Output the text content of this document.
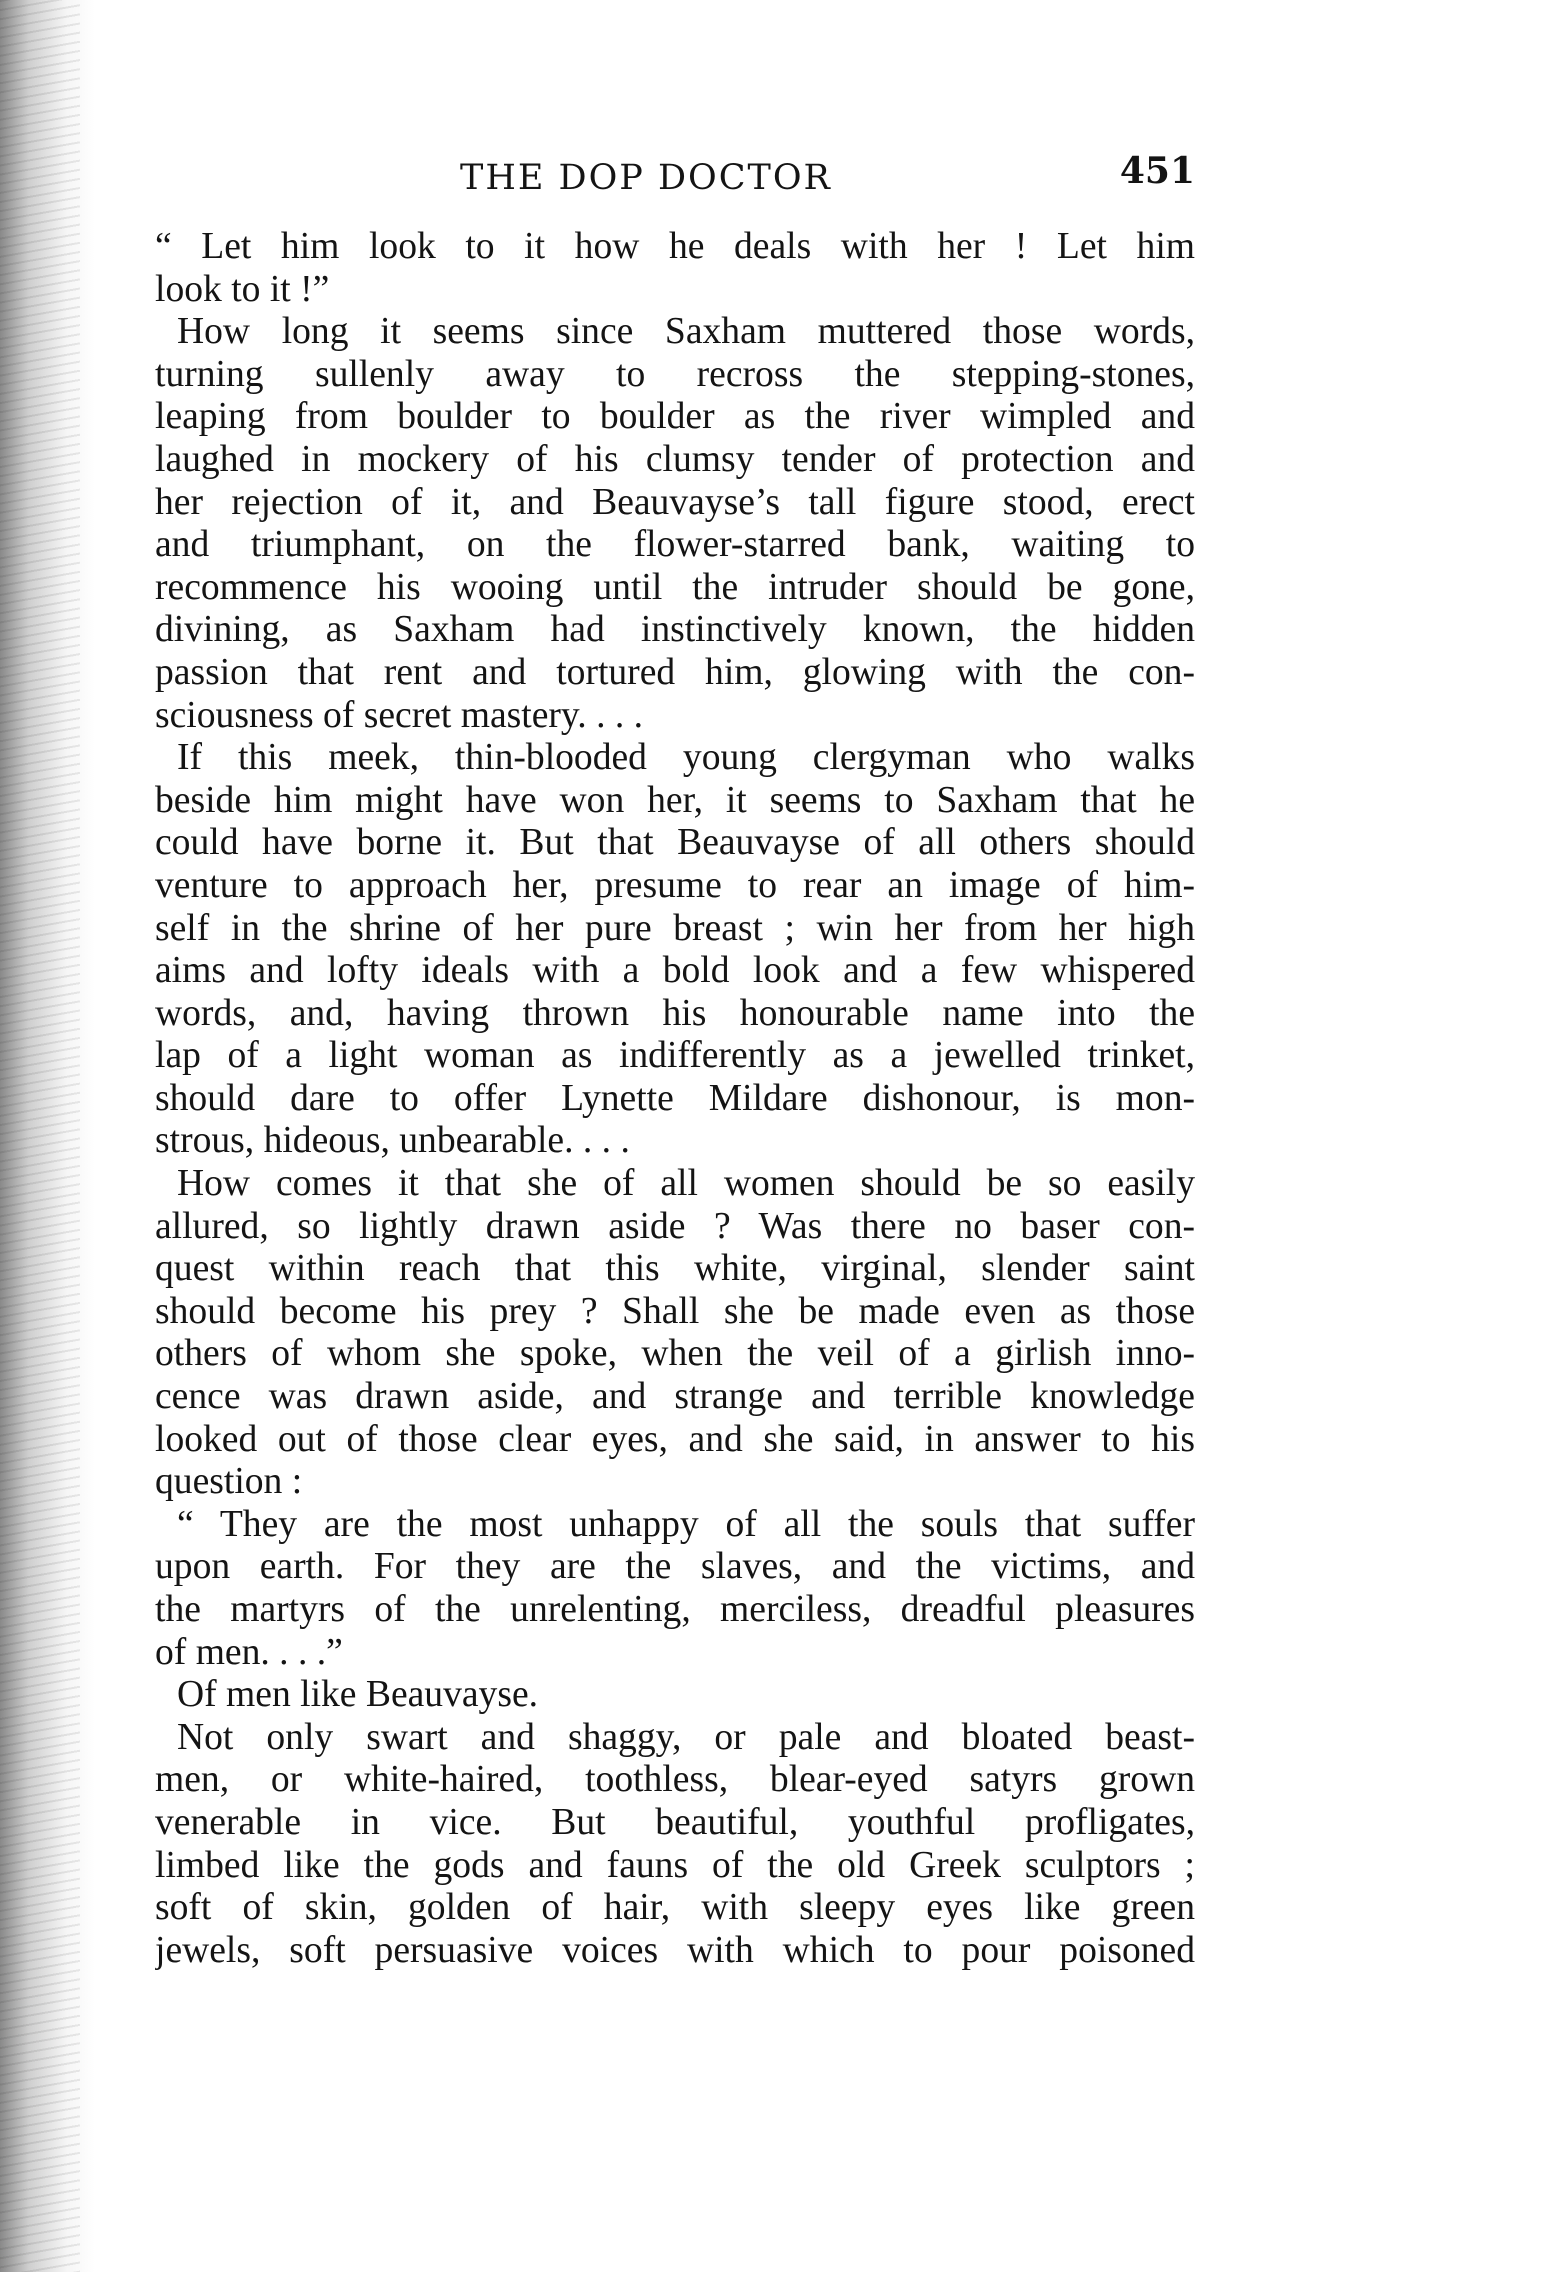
THE DOP DOCTOR	451
“ Let him look to it how he deals with her ! Let him
look to it !”
How long it seems since Saxham muttered those words,
turning sullenly away to recross the stepping-stones,
leaping from boulder to boulder as the river wimpled and
laughed in mockery of his clumsy tender of protection and
her rejection of it, and Beauvayse’s tall figure stood, erect
and triumphant, on the flower-starred bank, waiting to
recommence his wooing until the intruder should be gone,
divining, as Saxham had instinctively known, the hidden
passion that rent and tortured him, glowing with the con-
sciousness of secret mastery. . . .
If this meek, thin-blooded young clergyman who walks
beside him might have won her, it seems to Saxham that he
could have borne it. But that Beauvayse of all others should
venture to approach her, presume to rear an image of him-
self in the shrine of her pure breast ; win her from her high
aims and lofty ideals with a bold look and a few whispered
words, and, having thrown his honourable name into the
lap of a light woman as indifferently as a jewelled trinket,
should dare to offer Lynette Mildare dishonour, is mon-
strous, hideous, unbearable. . . .
How comes it that she of all women should be so easily
allured, so lightly drawn aside ? Was there no baser con-
quest within reach that this white, virginal, slender saint
should become his prey ? Shall she be made even as those
others of whom she spoke, when the veil of a girlish inno-
cence was drawn aside, and strange and terrible knowledge
looked out of those clear eyes, and she said, in answer to his
question :
“ They are the most unhappy of all the souls that suffer
upon earth. For they are the slaves, and the victims, and
the martyrs of the unrelenting, merciless, dreadful pleasures
of men. . . .”
Of men like Beauvayse.
Not only swart and shaggy, or pale and bloated beast-
men, or white-haired, toothless, blear-eyed satyrs grown
venerable in vice. But beautiful, youthful profligates,
limbed like the gods and fauns of the old Greek sculptors ;
soft of skin, golden of hair, with sleepy eyes like green
jewels, soft persuasive voices with which to pour poisoned
